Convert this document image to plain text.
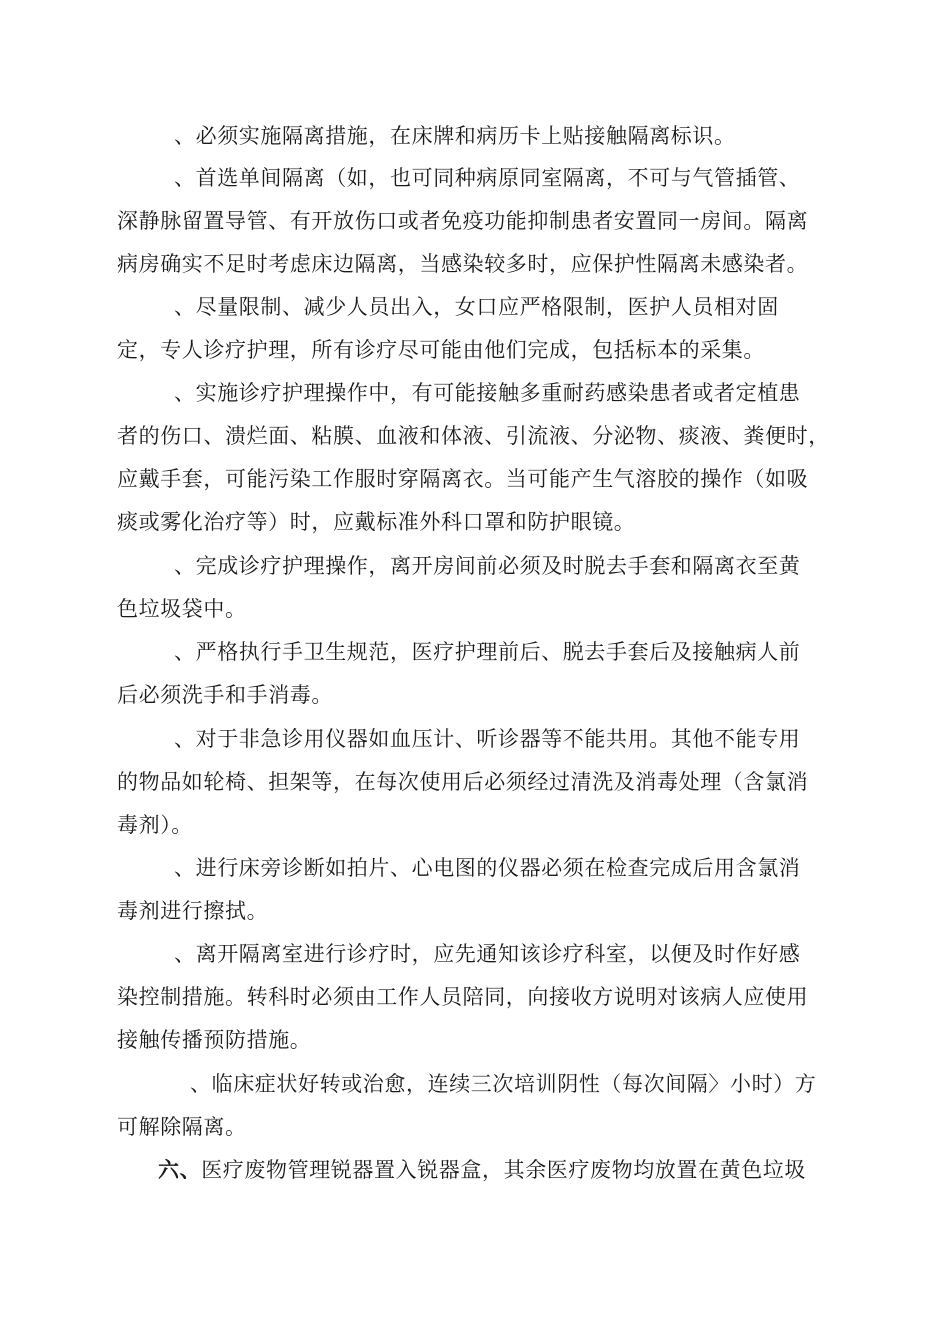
、必须实施隔离措施，在床牌和病历卡上贴接触隔离标识。
、首选单间隔离（如，也可同种病原同室隔离，不可与气管插管、
深静脉留置导管、有开放伤口或者免疫功能抑制患者安置同一房间。隔离
病房确实不足时考虑床边隔离，当感染较多时，应保护性隔离未感染者。
、尽量限制、减少人员出入，女口应严格限制，医护人员相对固
定，专人诊疗护理，所有诊疗尽可能由他们完成，包括标本的采集。
、实施诊疗护理操作中，有可能接触多重耐药感染患者或者定植患
者的伤口、溃烂面、粘膜、血液和体液、引流液、分泌物、痰液、粪便时，
应戴手套，可能污染工作服时穿隔离衣。当可能产生气溶胶的操作（如吸
痰或雾化治疗等）时，应戴标准外科口罩和防护眼镜。
、完成诊疗护理操作，离开房间前必须及时脱去手套和隔离衣至黄
色垃圾袋中。
、严格执行手卫生规范，医疗护理前后、脱去手套后及接触病人前
后必须洗手和手消毒。
、对于非急诊用仪器如血压计、听诊器等不能共用。其他不能专用
的物品如轮椅、担架等，在每次使用后必须经过清洗及消毒处理（含氯消
毒剂）。
、进行床旁诊断如拍片、心电图的仪器必须在检查完成后用含氯消
毒剂进行擦拭。
、离开隔离室进行诊疗时，应先通知该诊疗科室，以便及时作好感
染控制措施。转科时必须由工作人员陪同，向接收方说明对该病人应使用
接触传播预防措施。
、临床症状好转或治愈，连续三次培训阴性（每次间隔〉小时）方
可解除隔离。
六、医疗废物管理锐器置入锐器盒，其余医疗废物均放置在黄色垃圾
